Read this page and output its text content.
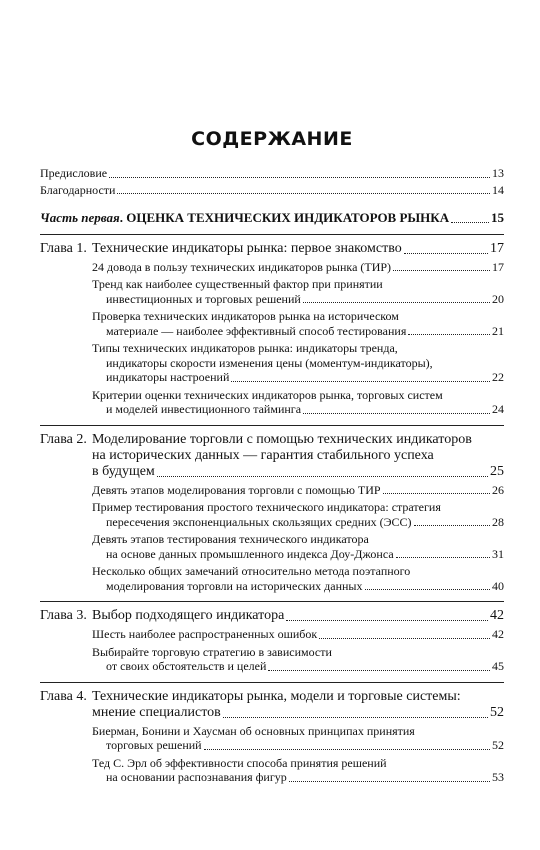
СОДЕРЖАНИЕ
Предисловие	13
Благодарности	14
Часть первая. ОЦЕНКА ТЕХНИЧЕСКИХ ИНДИКАТОРОВ РЫНКА	15
Глава 1. Технические индикаторы рынка: первое знакомство	17
24 довода в пользу технических индикаторов рынка (ТИР)	17
Тренд как наиболее существенный фактор при принятии
инвестиционных и торговых решений	20
Проверка технических индикаторов рынка на историческом
материале — наиболее эффективный способ тестирования	21
Типы технических индикаторов рынка: индикаторы тренда,
индикаторы скорости изменения цены (моментум-индикаторы),
индикаторы настроений	22
Критерии оценки технических индикаторов рынка, торговых систем
и моделей инвестиционного тайминга	24
Глава 2. Моделирование торговли с помощью технических индикаторов
на исторических данных — гарантия стабильного успеха
в будущем	25
Девять этапов моделирования торговли с помощью ТИР	26
Пример тестирования простого технического индикатора: стратегия
пересечения экспоненциальных скользящих средних (ЭСС)	28
Девять этапов тестирования технического индикатора
на основе данных промышленного индекса Доу-Джонса	31
Несколько общих замечаний относительно метода поэтапного
моделирования торговли на исторических данных	40
Глава 3. Выбор подходящего индикатора	42
Шесть наиболее распространенных ошибок	42
Выбирайте торговую стратегию в зависимости
от своих обстоятельств и целей	45
Глава 4. Технические индикаторы рынка, модели и торговые системы:
мнение специалистов	52
Биерман, Бонини и Хаусман об основных принципах принятия
торговых решений	52
Тед С. Эрл об эффективности способа принятия решений
на основании распознавания фигур	53
